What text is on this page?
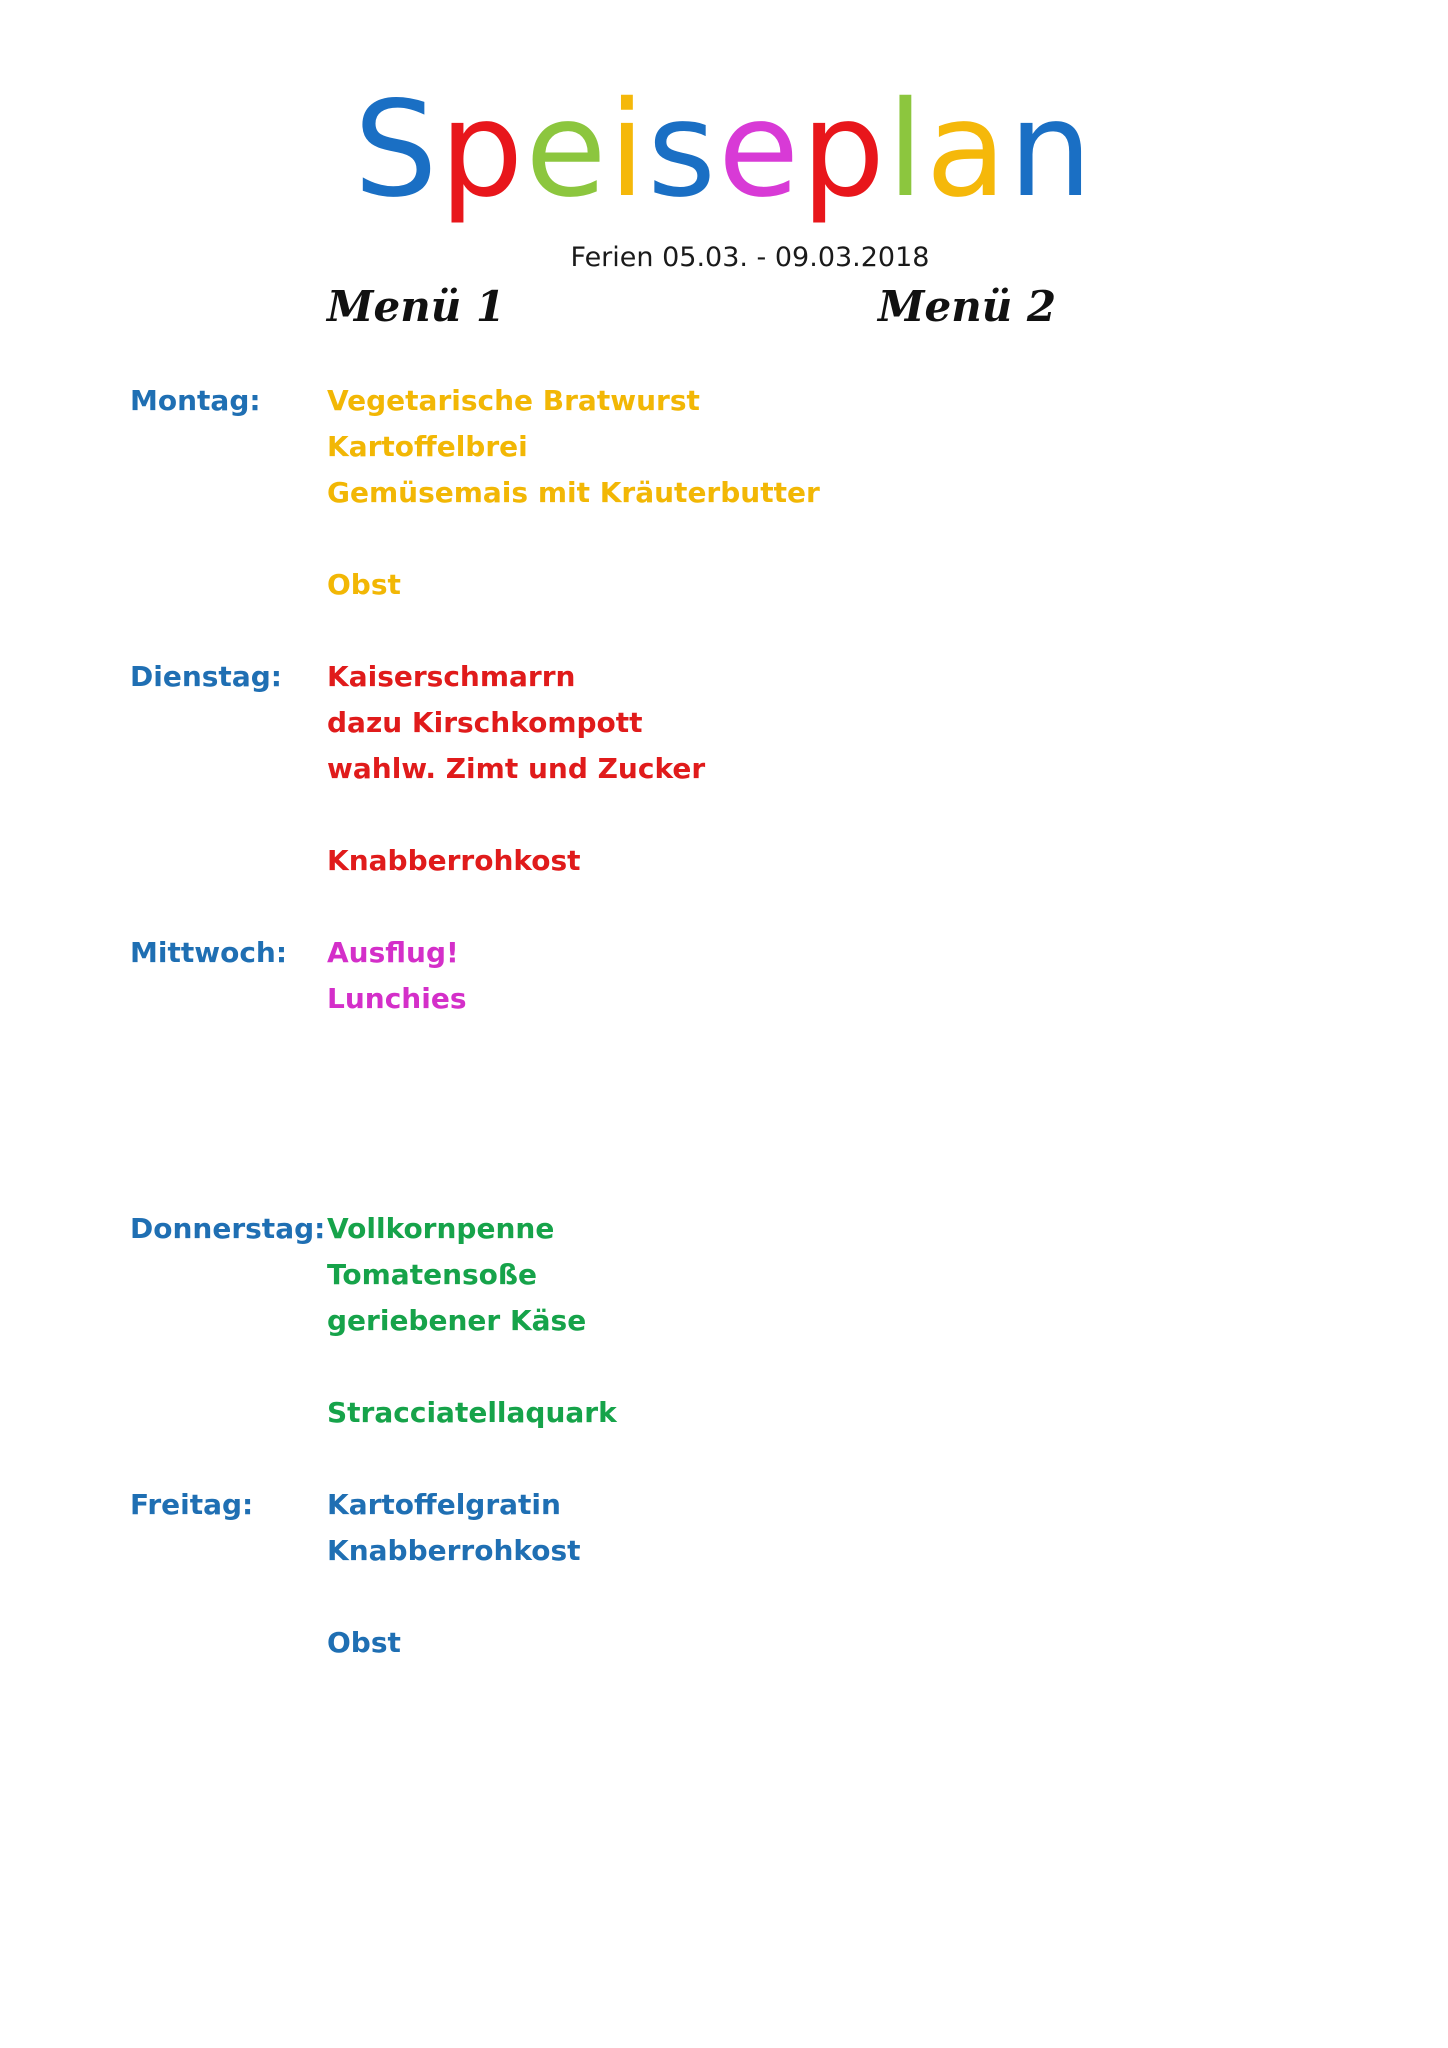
Speiseplan
Ferien 05.03. - 09.03.2018
Menü 1	Menü 2
Montag: Vegetarische Bratwurst
Kartoffelbrei
Gemüsemais mit Kräuterbutter
Obst
Dienstag: Kaiserschmarrn
dazu Kirschkompott
wahlw. Zimt und Zucker
Knabberrohkost
Mittwoch: Ausflug!
Lunchies
Donnerstag: Vollkornpenne
Tomatensoße
geriebener Käse
Stracciatellaquark
Freitag:	Kartoffelgratin
Knabberrohkost
Obst
